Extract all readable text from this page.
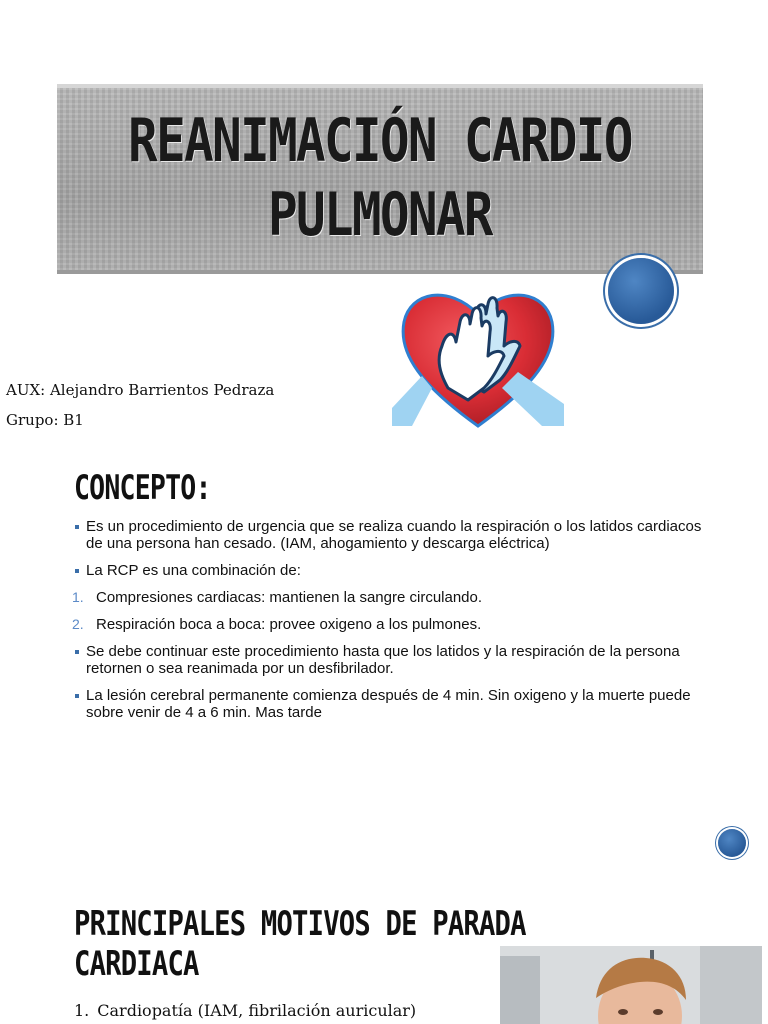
REANIMACIÓN CARDIO
PULMONAR
AUX: Alejandro Barrientos Pedraza
Grupo: B1
CONCEPTO:
Es un procedimiento de urgencia que se realiza cuando la respiración o los latidos cardiacos de una persona han cesado. (IAM, ahogamiento y descarga eléctrica)
La RCP es una combinación de:
1. Compresiones cardiacas: mantienen la sangre circulando.
2. Respiración boca a boca: provee oxigeno a los pulmones.
Se debe continuar este procedimiento hasta que los latidos y la respiración de la persona retornen o sea reanimada por un desfibrilador.
La lesión cerebral permanente comienza después de 4 min. Sin oxigeno y la muerte puede sobre venir de 4 a 6 min. Mas tarde
PRINCIPALES MOTIVOS DE PARADA CARDIACA
1. Cardiopatía (IAM, fibrilación auricular)
